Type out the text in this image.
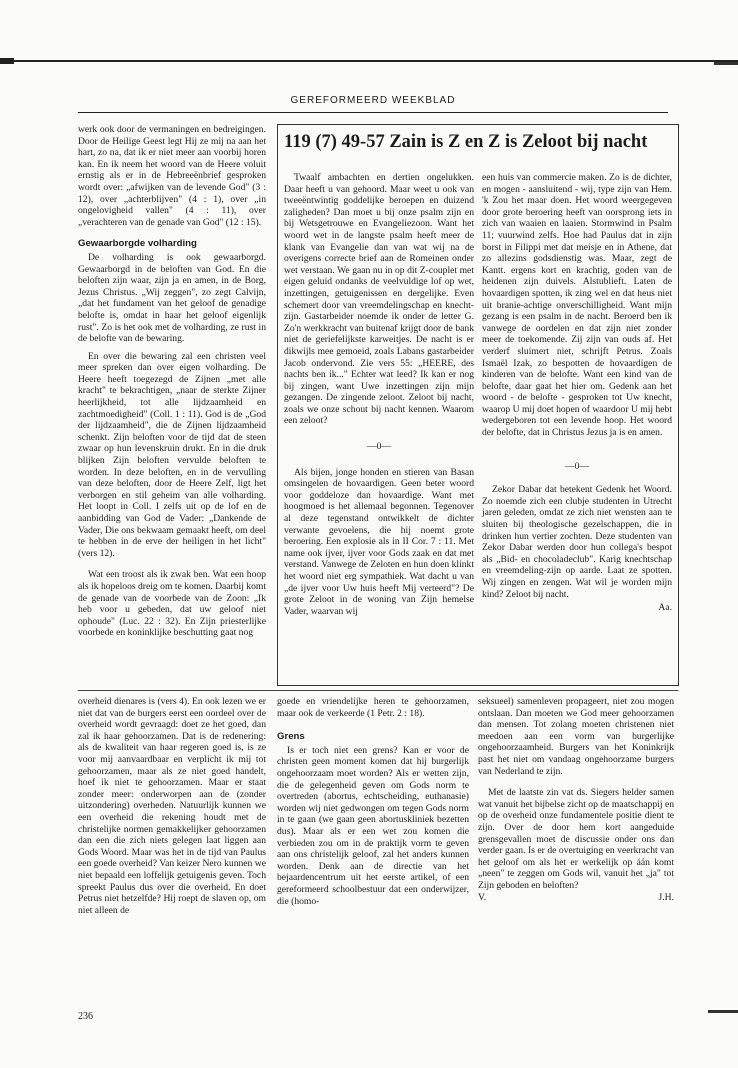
GEREFORMEERD WEEKBLAD

werk ook door de vermaningen en bedreigingen. Door de Heilige Geest legt Hij ze mij na aan het hart, zo na, dat ik er niet meer aan voorbij horen kan. En ik neem het woord van de Heere voluit ernstig als er in de Hebreeënbrief gesproken wordt over: „afwijken van de levende God" (3 : 12), over „achterblijven" (4 : 1), over „in ongelovigheid vallen" (4 : 11), over „verachteren van de genade van God" (12 : 15).

Gewaarborgde volharding

De volharding is ook gewaarborgd. Gewaarborgd in de beloften van God. En die beloften zijn waar, zijn ja en amen, in de Borg, Jezus Christus. „Wij zeggen", zo zegt Calvijn, „dat het fundament van het geloof de genadige belofte is, omdat in haar het geloof eigenlijk rust". Zo is het ook met de volharding, ze rust in de belofte van de bewaring.

En over die bewaring zal een christen veel meer spreken dan over eigen volharding. De Heere heeft toegezegd de Zijnen „met alle kracht" te bekrachtigen, „naar de sterkte Zijner heerlijkheid, tot alle lijdzaamheid en zachtmoedigheid" (Coll. 1 : 11). God is de „God der lijdzaamheid", die de Zijnen lijdzaamheid schenkt. Zijn beloften voor de tijd dat de steen zwaar op hun levenskruin drukt. En in die druk blijken Zijn beloften vervulde beloften te worden. In deze beloften, en in de vervulling van deze beloften, door de Heere Zelf, ligt het verborgen en stil geheim van alle volharding. Het loopt in Coll. I zelfs uit op de lof en de aanbidding van God de Vader: „Dankende de Vader, Die ons bekwaam gemaakt heeft, om deel te hebben in de erve der heiligen in het licht" (vers 12).

Wat een troost als ik zwak ben. Wat een hoop als ik hopeloos dreig om te komen. Daarbij komt de genade van de voorbede van de Zoon: „Ik heb voor u gebeden, dat uw geloof niet ophoude" (Luc. 22 : 32). En Zijn priesterlijke voorbede en koninklijke beschutting gaat nog

119 (7) 49-57 Zain is Z en Z is Zeloot bij nacht

Twaalf ambachten en dertien ongelukken. Daar heeft u van gehoord. Maar weet u ook van tweeëntwintig goddelijke beroepen en duizend zaligheden? Dan moet u bij onze psalm zijn en bij Wetsgetrouwe en Evangeliezoon. Want het woord wet in de langste psalm heeft meer de klank van Evangelie dan van wat wij na de overigens correcte brief aan de Romeinen onder wet verstaan. We gaan nu in op dit Z-couplet met eigen geluid ondanks de veelvuldige lof op wet, inzettingen, getuigenissen en dergelijke. Even schemert door van vreemdelingschap en knecht-zijn. Gastarbeider noemde ik onder de letter G. Zo'n werkkracht van buitenaf krijgt door de bank niet de geriefelijkste karweitjes. De nacht is er dikwijls mee gemoeid, zoals Labans gastarbeider Jacob ondervond. Zie vers 55: „HEERE, des nachts ben ik..." Echter wat leed? Ik kan er nog bij zingen, want Uwe inzettingen zijn mijn gezangen. De zingende zeloot. Zeloot bij nacht, zoals we onze schout bij nacht kennen. Waarom een zeloot?

—0—

Als bijen, jonge honden en stieren van Basan omsingelen de hovaardigen. Geen beter woord voor goddeloze dan hovaardige. Want met hoogmoed is het allemaal begonnen. Tegenover al deze tegenstand ontwikkelt de dichter verwante gevoelens, die hij noemt grote beroering. Een explosie als in II Cor. 7 : 11. Met name ook ijver, ijver voor Gods zaak en dat met verstand. Vanwege de Zeloten en hun doen klinkt het woord niet erg sympathiek. Wat dacht u van „de ijver voor Uw huis heeft Mij verteerd"? De grote Zeloot in de woning van Zijn hemelse Vader, waarvan wij

een huis van commercie maken. Zo is de dichter, en mogen - aansluitend - wij, type zijn van Hem. 'k Zou het maar doen. Het woord weergegeven door grote beroering heeft van oorsprong iets in zich van waaien en laaien. Stormwind in Psalm 11; vuurwind zelfs. Hoe had Paulus dat in zijn borst in Filippi met dat meisje en in Athene, dat zo allezins godsdienstig was. Maar, zegt de Kantt. ergens kort en krachtig, goden van de heidenen zijn duivels. Alstublieft. Laten de hovaardigen spotten, ik zing wel en dat heus niet uit branie-achtige onverschilligheid. Want mijn gezang is een psalm in de nacht. Beroerd ben ik vanwege de oordelen en dat zijn niet zonder meer de toekomende. Zij zijn van ouds af. Het verderf sluimert niet, schrijft Petrus. Zoals Ismaël Izak, zo bespotten de hovaardigen de kinderen van de belofte. Want een kind van de belofte, daar gaat het hier om. Gedenk aan het woord - de belofte - gesproken tot Uw knecht, waarop U mij doet hopen of waardoor U mij hebt wedergeboren tot een levende hoop. Het woord der belofte, dat in Christus Jezus ja is en amen.

—0—

Zekor Dabar dat betekent Gedenk het Woord. Zo noemde zich een clubje studenten in Utrecht jaren geleden, omdat ze zich niet wensten aan te sluiten bij theologische gezelschappen, die in drinken hun vertier zochten. Deze studenten van Zekor Dabar werden door hun collega's bespot als „Bid- en chocoladeclub". Karig knechtschap en vreemdeling-zijn op aarde. Laat ze spotten. Wij zingen en zengen. Wat wil je worden mijn kind? Zeloot bij nacht.

Aa.

overheid dienares is (vers 4). En ook lezen we er niet dat van de burgers eerst een oordeel over de overheid wordt gevraagd: doet ze het goed, dan zal ik haar gehoorzamen. Dat is de redenering: als de kwaliteit van haar regeren goed is, is ze voor mij aanvaardbaar en verplicht ik mij tot gehoorzamen, maar als ze niet goed handelt, hoef ik niet te gehoorzamen. Maar er staat zonder meer: onderworpen aan de (zonder uitzondering) overheden. Natuurlijk kunnen we een overheid die rekening houdt met de christelijke normen gemakkelijker gehoorzamen dan een die zich niets gelegen laat liggen aan Gods Woord. Maar was het in de tijd van Paulus een goede overheid? Van keizer Nero kunnen we niet bepaald een loffelijk getuigenis geven. Toch spreekt Paulus dus over die overheid. En doet Petrus niet hetzelfde? Hij roept de slaven op, om niet alleen de

goede en vriendelijke heren te gehoorzamen, maar ook de verkeerde (1 Petr. 2 : 18).

Grens

Is er toch niet een grens? Kan er voor de christen geen moment komen dat hij burgerlijk ongehoorzaam moet worden? Als er wetten zijn, die de gelegenheid geven om Gods norm te overtreden (abortus, echtscheiding, euthanasie) worden wij niet gedwongen om tegen Gods norm in te gaan (we gaan geen abortuskliniek bezetten dus). Maar als er een wet zou komen die verbieden zou om in de praktijk vorm te geven aan ons christelijk geloof, zal het anders kunnen worden. Denk aan de directie van het bejaardencentrum uit het eerste artikel, of een gereformeerd schoolbestuur dat een onderwijzer, die (homo-

seksueel) samenleven propageert, niet zou mogen ontslaan. Dan moeten we God meer gehoorzamen dan mensen. Tot zolang moeten christenen niet meedoen aan een vorm van burgerlijke ongehoorzaamheid. Burgers van het Koninkrijk past het niet om vandaag ongehoorzame burgers van Nederland te zijn.

Met de laatste zin vat ds. Siegers helder samen wat vanuit het bijbelse zicht op de maatschappij en op de overheid onze fundamentele positie dient te zijn. Over de door hem kort aangeduide grensgevallen moet de discussie onder ons dan verder gaan. Is er de overtuiging en veerkracht van het geloof om als het er werkelijk op áán komt „neen" te zeggen om Gods wil, vanuit het „ja" tot Zijn geboden en beloften?

V.	J.H.

236
